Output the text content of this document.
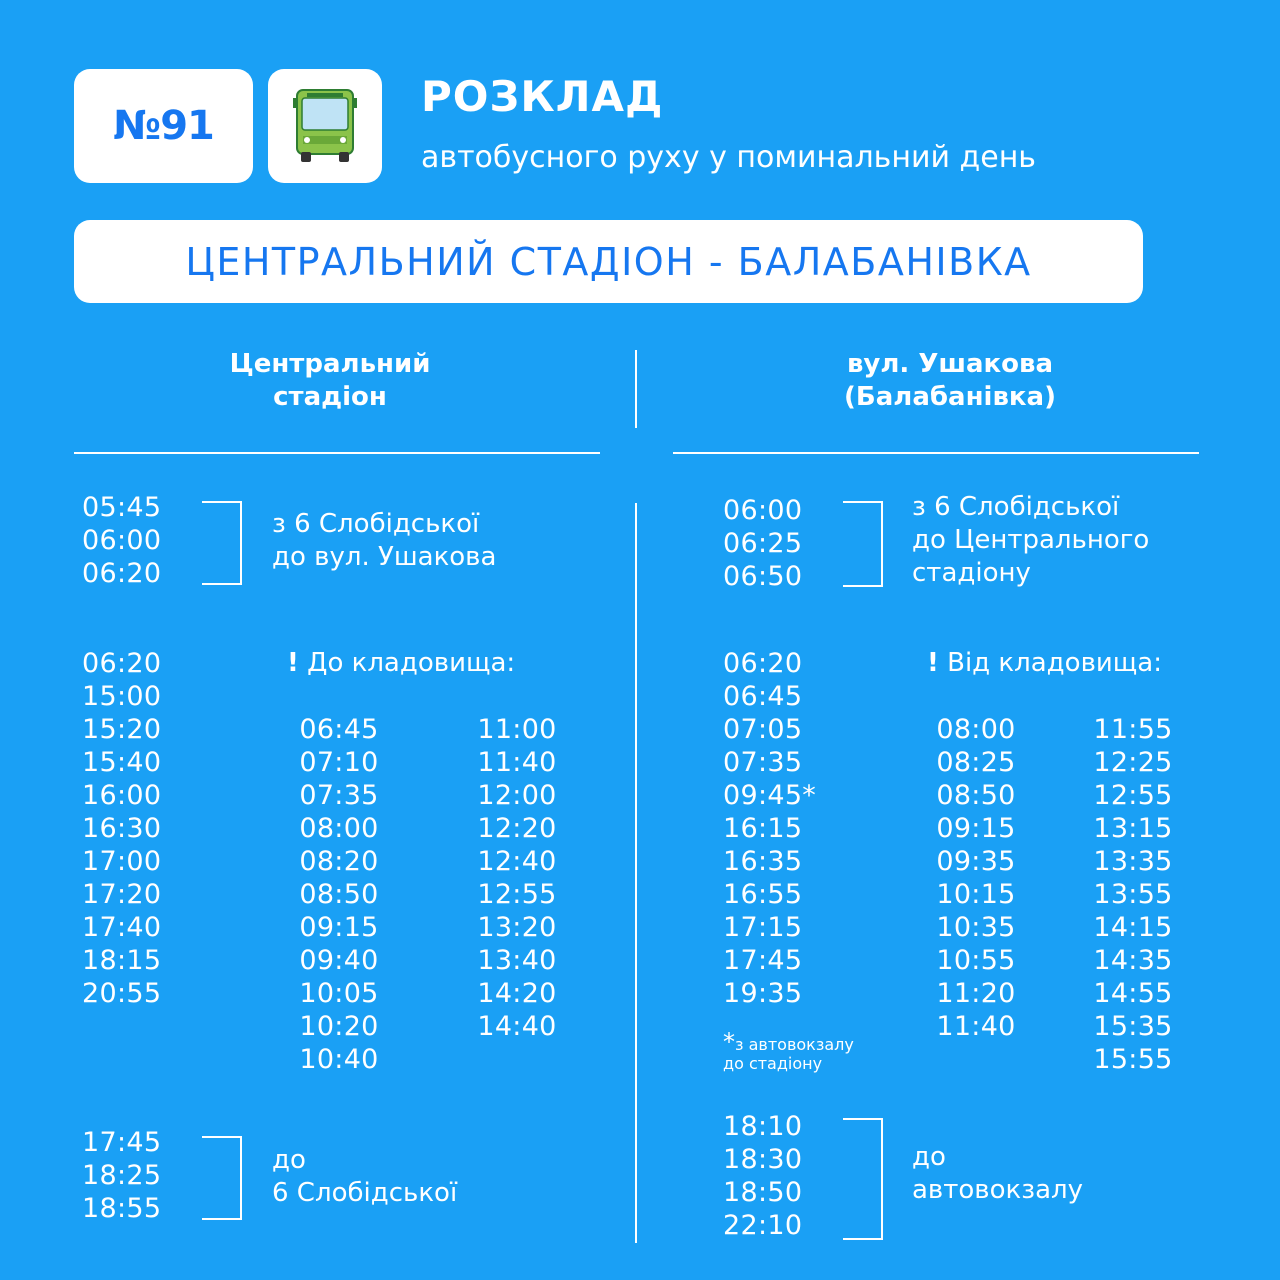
№91
РОЗКЛАД
автобусного руху у поминальний день
ЦЕНТРАЛЬНИЙ СТАДІОН - БАЛАБАНІВКА
Центральний
стадіон
вул. Ушакова
(Балабанівка)
05:45
06:00
06:20
з 6 Слобідської
до вул. Ушакова
06:20
15:00
15:20
15:40
16:00
16:30
17:00
17:20
17:40
18:15
20:55
! До кладовища:
06:45
07:10
07:35
08:00
08:20
08:50
09:15
09:40
10:05
10:20
10:40
11:00
11:40
12:00
12:20
12:40
12:55
13:20
13:40
14:20
14:40
17:45
18:25
18:55
до
6 Слобідської
06:00
06:25
06:50
з 6 Слобідської
до Центрального
стадіону
06:20
06:45
07:05
07:35
09:45*
16:15
16:35
16:55
17:15
17:45
19:35
*з автовокзалу
до стадіону
! Від кладовища:
08:00
08:25
08:50
09:15
09:35
10:15
10:35
10:55
11:20
11:40
11:55
12:25
12:55
13:15
13:35
13:55
14:15
14:35
14:55
15:35
15:55
18:10
18:30
18:50
22:10
до
автовокзалу
